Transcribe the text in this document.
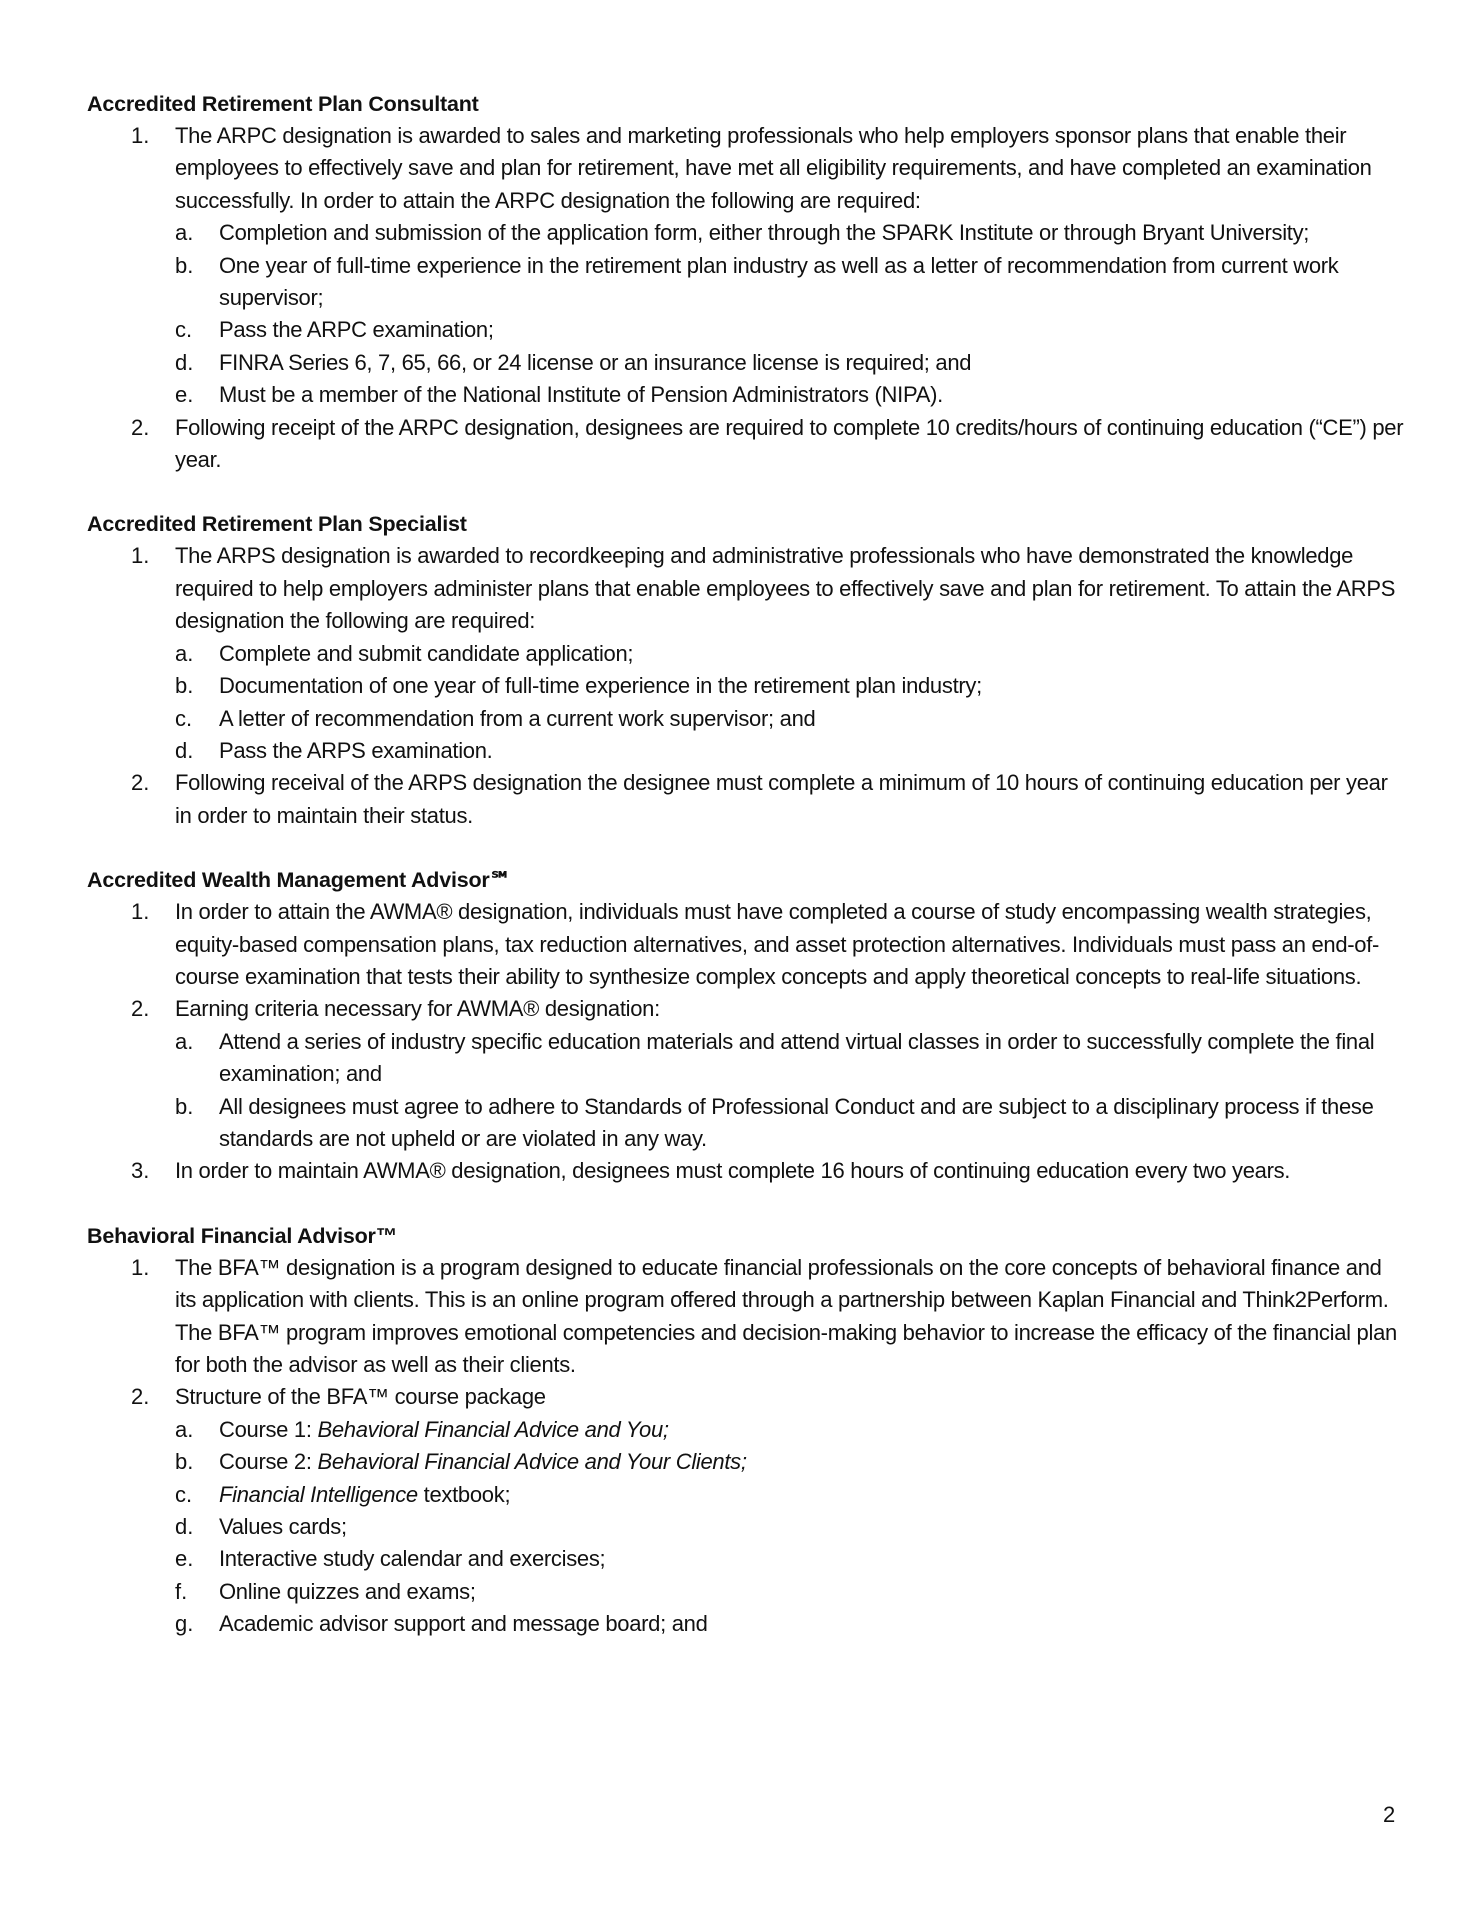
Accredited Retirement Plan Consultant
1. The ARPC designation is awarded to sales and marketing professionals who help employers sponsor plans that enable their employees to effectively save and plan for retirement, have met all eligibility requirements, and have completed an examination successfully. In order to attain the ARPC designation the following are required:
a. Completion and submission of the application form, either through the SPARK Institute or through Bryant University;
b. One year of full-time experience in the retirement plan industry as well as a letter of recommendation from current work supervisor;
c. Pass the ARPC examination;
d. FINRA Series 6, 7, 65, 66, or 24 license or an insurance license is required; and
e. Must be a member of the National Institute of Pension Administrators (NIPA).
2. Following receipt of the ARPC designation, designees are required to complete 10 credits/hours of continuing education (“CE”) per year.
Accredited Retirement Plan Specialist
1. The ARPS designation is awarded to recordkeeping and administrative professionals who have demonstrated the knowledge required to help employers administer plans that enable employees to effectively save and plan for retirement. To attain the ARPS designation the following are required:
a. Complete and submit candidate application;
b. Documentation of one year of full-time experience in the retirement plan industry;
c. A letter of recommendation from a current work supervisor; and
d. Pass the ARPS examination.
2. Following receival of the ARPS designation the designee must complete a minimum of 10 hours of continuing education per year in order to maintain their status.
Accredited Wealth Management Advisor℠
1. In order to attain the AWMA® designation, individuals must have completed a course of study encompassing wealth strategies, equity-based compensation plans, tax reduction alternatives, and asset protection alternatives. Individuals must pass an end-of-course examination that tests their ability to synthesize complex concepts and apply theoretical concepts to real-life situations.
2. Earning criteria necessary for AWMA® designation:
a. Attend a series of industry specific education materials and attend virtual classes in order to successfully complete the final examination; and
b. All designees must agree to adhere to Standards of Professional Conduct and are subject to a disciplinary process if these standards are not upheld or are violated in any way.
3. In order to maintain AWMA® designation, designees must complete 16 hours of continuing education every two years.
Behavioral Financial Advisor™
1. The BFA™ designation is a program designed to educate financial professionals on the core concepts of behavioral finance and its application with clients. This is an online program offered through a partnership between Kaplan Financial and Think2Perform. The BFA™ program improves emotional competencies and decision-making behavior to increase the efficacy of the financial plan for both the advisor as well as their clients.
2. Structure of the BFA™ course package
a. Course 1: Behavioral Financial Advice and You;
b. Course 2: Behavioral Financial Advice and Your Clients;
c. Financial Intelligence textbook;
d. Values cards;
e. Interactive study calendar and exercises;
f. Online quizzes and exams;
g. Academic advisor support and message board; and
2
